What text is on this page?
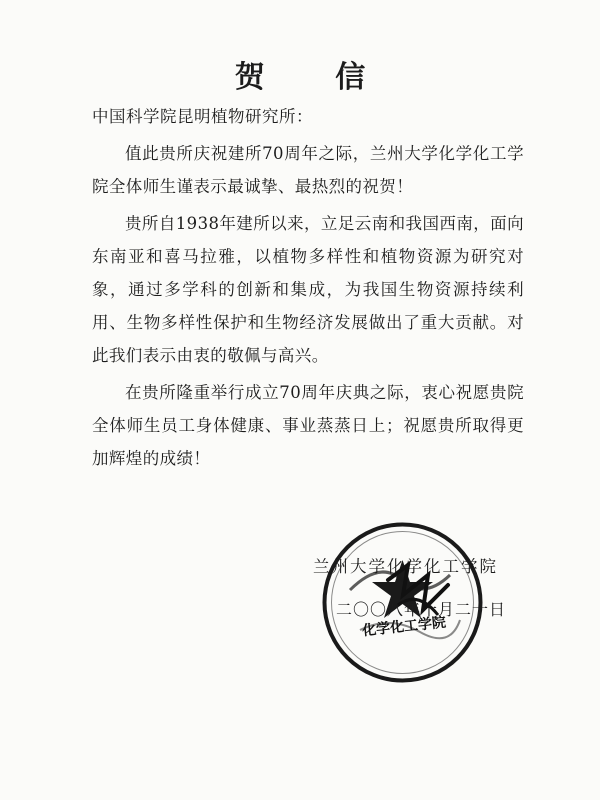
贺 信
中国科学院昆明植物研究所：

值此贵所庆祝建所70周年之际，兰州大学化学化工学院全体师生谨表示最诚挚、最热烈的祝贺！

贵所自1938年建所以来，立足云南和我国西南，面向东南亚和喜马拉雅，以植物多样性和植物资源为研究对象，通过多学科的创新和集成，为我国生物资源持续利用、生物多样性保护和生物经济发展做出了重大贡献。对此我们表示由衷的敬佩与高兴。

在贵所隆重举行成立70周年庆典之际，衷心祝愿贵院全体师生员工身体健康、事业蒸蒸日上；祝愿贵所取得更加辉煌的成绩！

兰州大学化学化工学院
二〇〇八年十月二十日
化学化工学院
